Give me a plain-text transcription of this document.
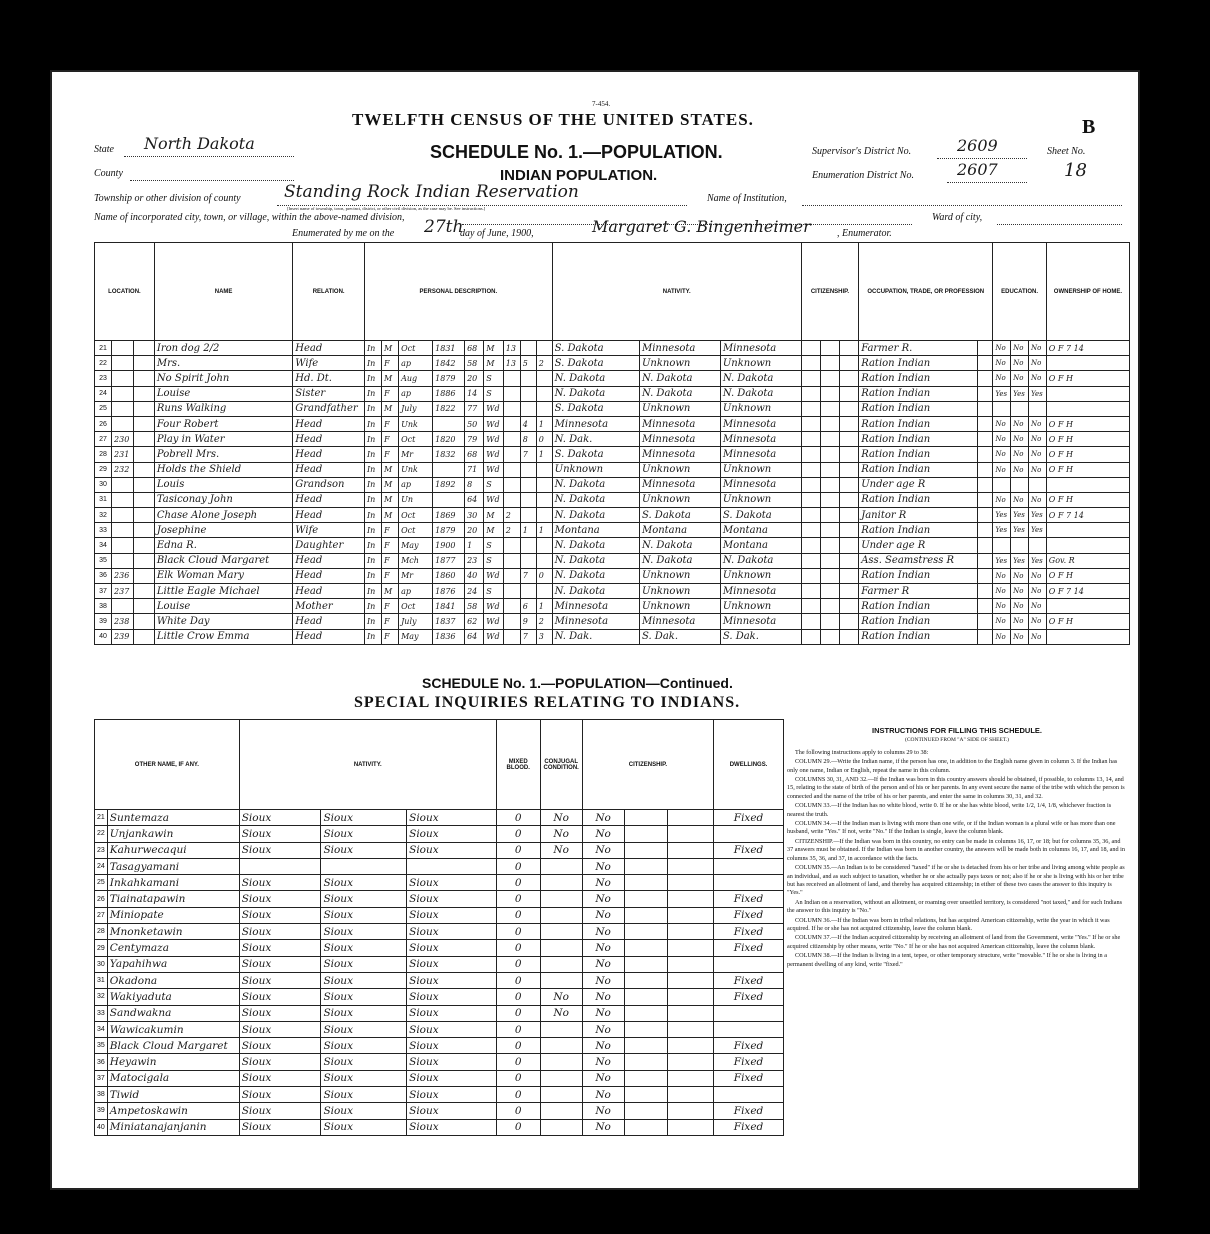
7-454.
TWELFTH CENSUS OF THE UNITED STATES.	B
SCHEDULE No. 1.—POPULATION.
INDIAN POPULATION.
State North Dakota
County
Supervisor's District No.	2609	Sheet No.
Enumeration District No.	2607	18
Township or other division of county	Standing Rock Indian Reservation
[Insert name of township, town, precinct, district, or other civil division, as the case may be. See instructions.]
Name of Institution,
Name of incorporated city, town, or village, within the above-named division,	Ward of city,
Enumerated by me on the 27th
day of June, 1900,	Margaret G. Bingenheimer	, Enumerator.
LOCATION.			NAME	RELATION.	PERSONAL DESCRIPTION.									NATIVITY.			CITIZENSHIP.			OCCUPATION, TRADE, OR PROFESSION		EDUCATION.			OWNERSHIP OF HOME.
21			Iron dog 2/2	Head	In	M	Oct	1831	68	M	13			S. Dakota	Minnesota	Minnesota				Farmer R.		No	No	No	O F 7 14
22			Mrs.	Wife	In	F	ap	1842	58	M	13	5	2	S. Dakota	Unknown	Unknown				Ration Indian		No	No	No	
23			No Spirit John	Hd. Dt.	In	M	Aug	1879	20	S				N. Dakota	N. Dakota	N. Dakota				Ration Indian		No	No	No	O F H
24			Louise	Sister	In	F	ap	1886	14	S				N. Dakota	N. Dakota	N. Dakota				Ration Indian		Yes	Yes	Yes	
25			Runs Walking	Grandfather	In	M	July	1822	77	Wd				S. Dakota	Unknown	Unknown				Ration Indian					
26			Four Robert	Head	In	F	Unk		50	Wd		4	1	Minnesota	Minnesota	Minnesota				Ration Indian		No	No	No	O F H
27	230		Play in Water	Head	In	F	Oct	1820	79	Wd		8	0	N. Dak.	Minnesota	Minnesota				Ration Indian		No	No	No	O F H
28	231		Pobrell Mrs.	Head	In	F	Mr	1832	68	Wd		7	1	S. Dakota	Minnesota	Minnesota				Ration Indian		No	No	No	O F H
29	232		Holds the Shield	Head	In	M	Unk		71	Wd				Unknown	Unknown	Unknown				Ration Indian		No	No	No	O F H
30			Louis	Grandson	In	M	ap	1892	8	S				N. Dakota	Minnesota	Minnesota				Under age R					
31			Tasiconay John	Head	In	M	Un		64	Wd				N. Dakota	Unknown	Unknown				Ration Indian		No	No	No	O F H
32			Chase Alone Joseph	Head	In	M	Oct	1869	30	M	2			N. Dakota	S. Dakota	S. Dakota				Janitor R		Yes	Yes	Yes	O F 7 14
33			Josephine	Wife	In	F	Oct	1879	20	M	2	1	1	Montana	Montana	Montana				Ration Indian		Yes	Yes	Yes	
34			Edna R.	Daughter	In	F	May	1900	1	S				N. Dakota	N. Dakota	Montana				Under age R					
35			Black Cloud Margaret	Head	In	F	Mch	1877	23	S				N. Dakota	N. Dakota	N. Dakota				Ass. Seamstress R		Yes	Yes	Yes	Gov. R
36	236		Elk Woman Mary	Head	In	F	Mr	1860	40	Wd		7	0	N. Dakota	Unknown	Unknown				Ration Indian		No	No	No	O F H
37	237		Little Eagle Michael	Head	In	M	ap	1876	24	S				N. Dakota	Unknown	Minnesota				Farmer R		No	No	No	O F 7 14
38			Louise	Mother	In	F	Oct	1841	58	Wd		6	1	Minnesota	Unknown	Unknown				Ration Indian		No	No	No	
39	238		White Day	Head	In	F	July	1837	62	Wd		9	2	Minnesota	Minnesota	Minnesota				Ration Indian		No	No	No	O F H
40	239		Little Crow Emma	Head	In	F	May	1836	64	Wd		7	3	N. Dak.	S. Dak.	S. Dak.				Ration Indian		No	No	No	
SCHEDULE No. 1.—POPULATION—Continued.
SPECIAL INQUIRIES RELATING TO INDIANS.
OTHER NAME, IF ANY.		NATIVITY.			MIXED BLOOD.	CONJUGAL CONDITION.	CITIZENSHIP.			DWELLINGS.
21	Suntemaza	Sioux	Sioux	Sioux	0	No	No			Fixed
22	Unjankawin	Sioux	Sioux	Sioux	0	No	No			
23	Kahurwecaqui	Sioux	Sioux	Sioux	0	No	No			Fixed
24	Tasagyamani				0		No			
25	Inkahkamani	Sioux	Sioux	Sioux	0		No			
26	Tiainatapawin	Sioux	Sioux	Sioux	0		No			Fixed
27	Miniopate	Sioux	Sioux	Sioux	0		No			Fixed
28	Mnonketawin	Sioux	Sioux	Sioux	0		No			Fixed
29	Centymaza	Sioux	Sioux	Sioux	0		No			Fixed
30	Yapahihwa	Sioux	Sioux	Sioux	0		No			
31	Okadona	Sioux	Sioux	Sioux	0		No			Fixed
32	Wakiyaduta	Sioux	Sioux	Sioux	0	No	No			Fixed
33	Sandwakna	Sioux	Sioux	Sioux	0	No	No			
34	Wawicakumin	Sioux	Sioux	Sioux	0		No			
35	Black Cloud Margaret	Sioux	Sioux	Sioux	0		No			Fixed
36	Heyawin	Sioux	Sioux	Sioux	0		No			Fixed
37	Matocigala	Sioux	Sioux	Sioux	0		No			Fixed
38	Tiwid	Sioux	Sioux	Sioux	0		No			
39	Ampetoskawin	Sioux	Sioux	Sioux	0		No			Fixed
40	Miniatanajanjanin	Sioux	Sioux	Sioux	0		No			Fixed
INSTRUCTIONS FOR FILLING THIS SCHEDULE.
(CONTINUED FROM "A" SIDE OF SHEET.)

The following instructions apply to columns 29 to 38:

COLUMN 29.—Write the Indian name, if the person has one, in addition to the English name given in column 3. If the Indian has only one name, Indian or English, repeat the name in this column.

COLUMNS 30, 31, AND 32.—If the Indian was born in this country answers should be obtained, if possible, to columns 13, 14, and 15, relating to the state of birth of the person and of his or her parents. In any event secure the name of the tribe with which the person is connected and the name of the tribe of his or her parents, and enter the same in columns 30, 31, and 32.

COLUMN 33.—If the Indian has no white blood, write 0. If he or she has white blood, write 1/2, 1/4, 1/8, whichever fraction is nearest the truth.

COLUMN 34.—If the Indian man is living with more than one wife, or if the Indian woman is a plural wife or has more than one husband, write "Yes." If not, write "No." If the Indian is single, leave the column blank.

CITIZENSHIP.—If the Indian was born in this country, no entry can be made in columns 16, 17, or 18; but for columns 35, 36, and 37 answers must be obtained. If the Indian was born in another country, the answers will be made both in columns 16, 17, and 18, and in columns 35, 36, and 37, in accordance with the facts.

COLUMN 35.—An Indian is to be considered "taxed" if he or she is detached from his or her tribe and living among white people as an individual, and as such subject to taxation, whether he or she actually pays taxes or not; also if he or she is living with his or her tribe but has received an allotment of land, and thereby has acquired citizenship; in either of these two cases the answer to this inquiry is "Yes."

An Indian on a reservation, without an allotment, or roaming over unsettled territory, is considered "not taxed," and for such Indians the answer to this inquiry is "No."

COLUMN 36.—If the Indian was born in tribal relations, but has acquired American citizenship, write the year in which it was acquired. If he or she has not acquired citizenship, leave the column blank.

COLUMN 37.—If the Indian acquired citizenship by receiving an allotment of land from the Government, write "Yes." If he or she acquired citizenship by other means, write "No." If he or she has not acquired American citizenship, leave the column blank.

COLUMN 38.—If the Indian is living in a tent, tepee, or other temporary structure, write "movable." If he or she is living in a permanent dwelling of any kind, write "fixed."
